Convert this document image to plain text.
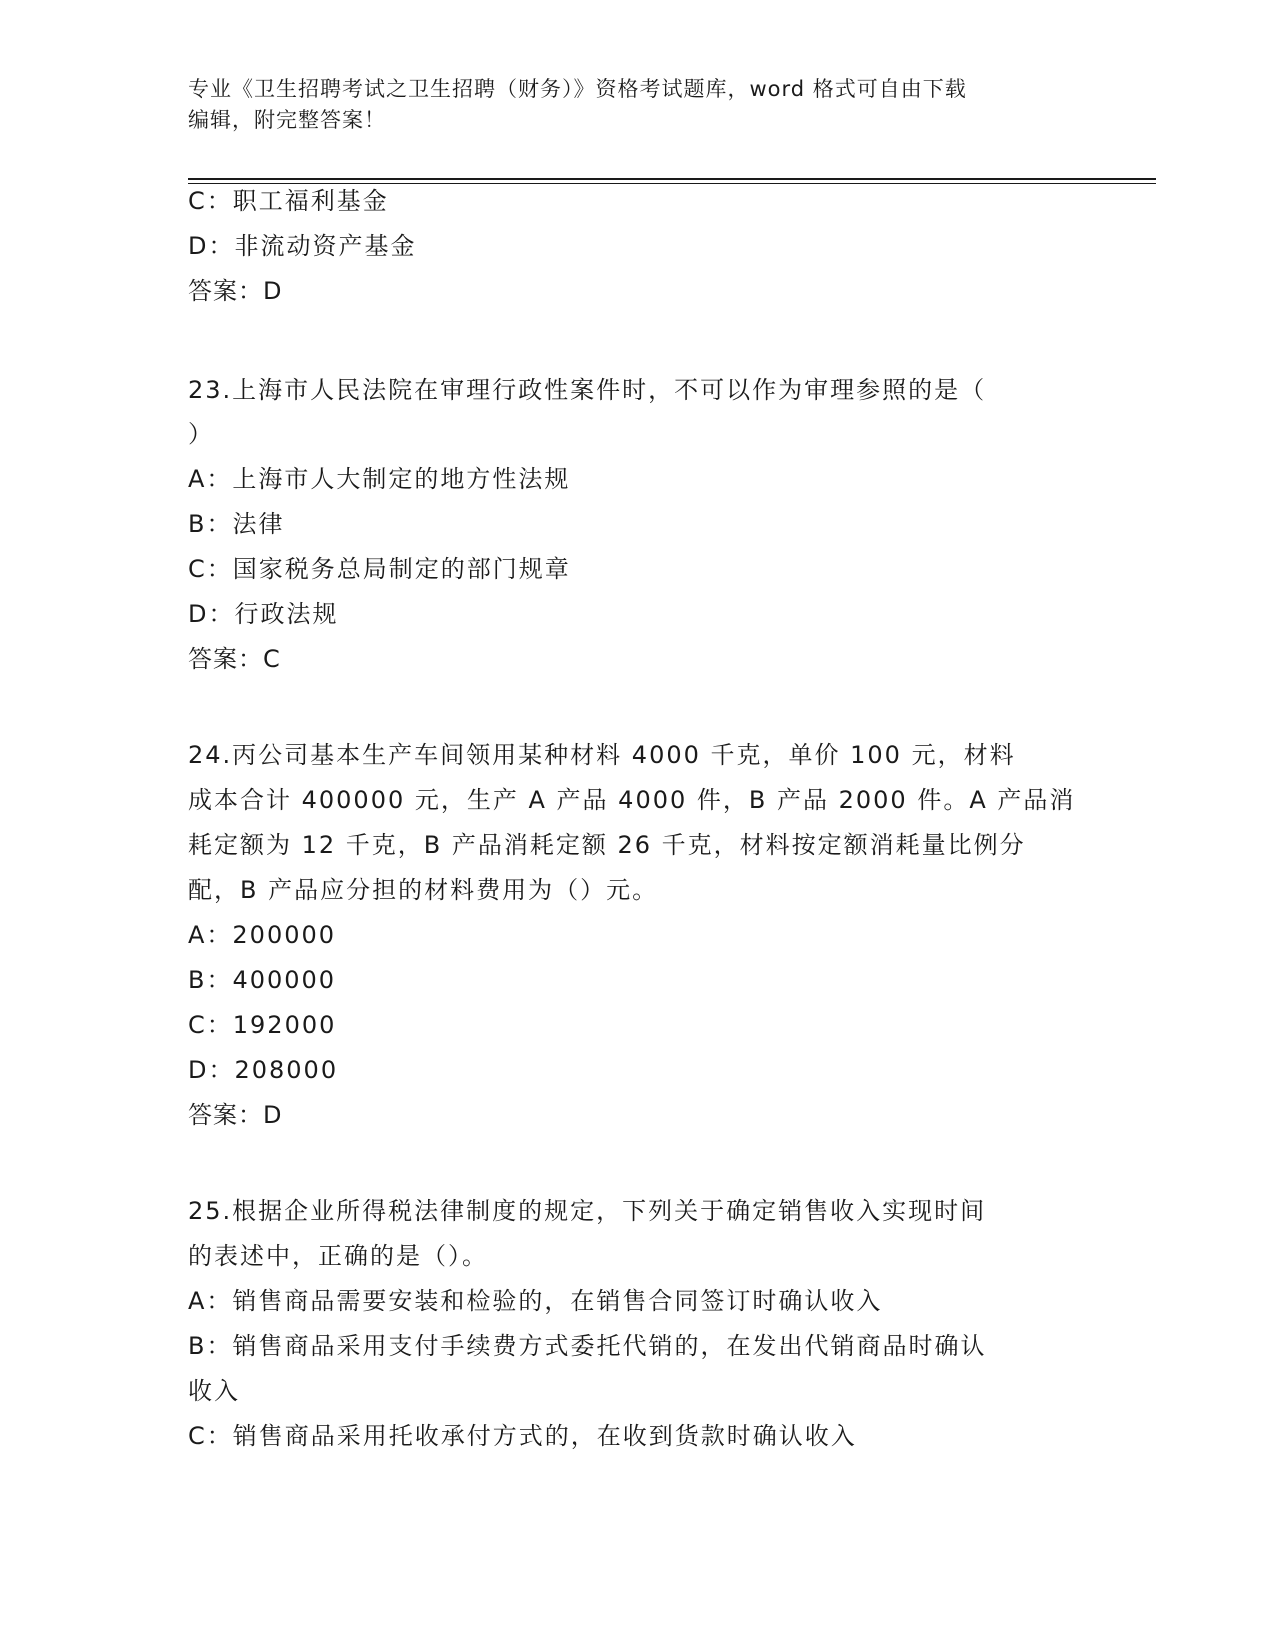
专业《卫生招聘考试之卫生招聘（财务）》资格考试题库，word 格式可自由下载
编辑，附完整答案！
C：职工福利基金
D：非流动资产基金
答案：D
23.上海市人民法院在审理行政性案件时，不可以作为审理参照的是（
）
A：上海市人大制定的地方性法规
B：法律
C：国家税务总局制定的部门规章
D：行政法规
答案：C
24.丙公司基本生产车间领用某种材料 4000 千克，单价 100 元，材料
成本合计 400000 元，生产 A 产品 4000 件，B 产品 2000 件。A 产品消
耗定额为 12 千克，B 产品消耗定额 26 千克，材料按定额消耗量比例分
配，B 产品应分担的材料费用为（）元。
A：200000
B：400000
C：192000
D：208000
答案：D
25.根据企业所得税法律制度的规定，下列关于确定销售收入实现时间
的表述中，正确的是（）。
A：销售商品需要安装和检验的，在销售合同签订时确认收入
B：销售商品采用支付手续费方式委托代销的，在发出代销商品时确认
收入
C：销售商品采用托收承付方式的，在收到货款时确认收入
